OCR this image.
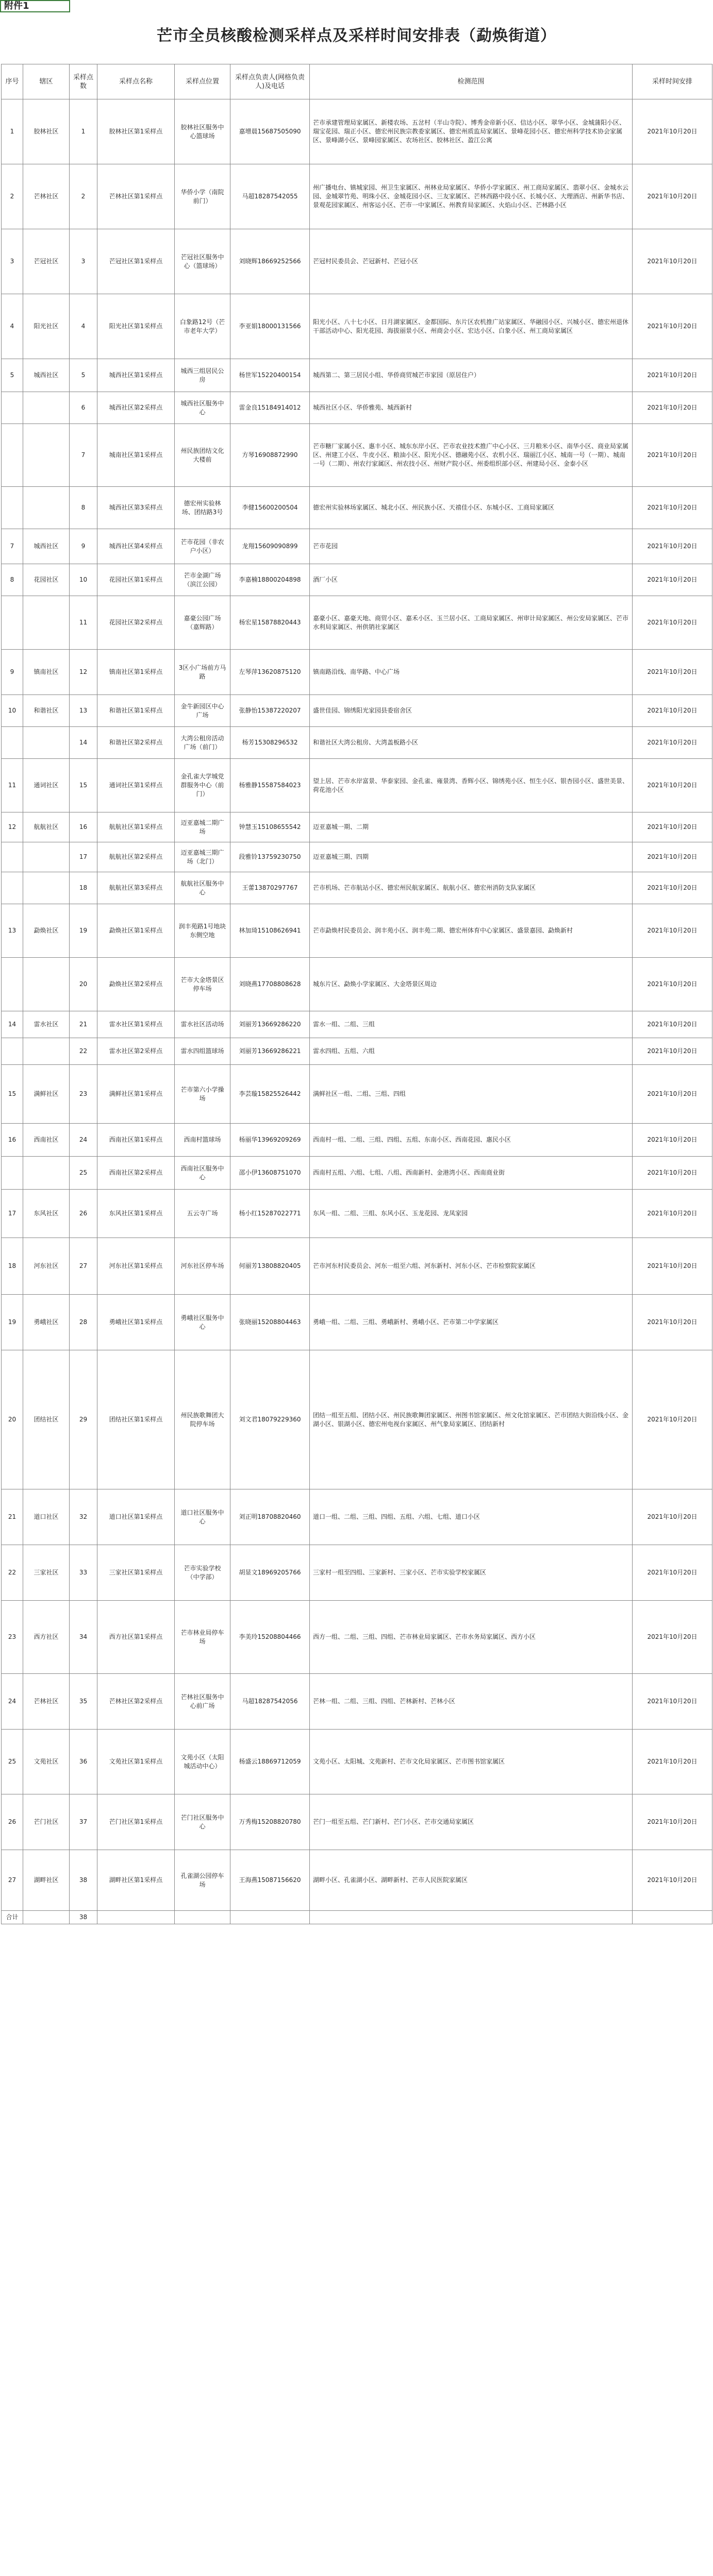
附件1
芒市全员核酸检测采样点及采样时间安排表（勐焕街道）
序号	辖区	采样点数	采样点名称	采样点位置	采样点负责人(网格负责人)及电话	检测范围	采样时间安排
1	胶林社区	1	胶林社区第1采样点	胶林社区服务中心篮球场	嘉增晨15687505090	芒市承建管理局家属区、新楼农场、五岔村（半山寺院）、博秀金帝新小区、信达小区、翠华小区、金城蒲阳小区、瑞宝花园、瑞正小区、德宏州民族宗教委家属区、德宏州质监局家属区、景峰花园小区、德宏州科学技术协会家属区、景峰湖小区、景峰园家属区、农场社区、胶林社区、盈江公寓	2021年10月20日
2	芒林社区	2	芒林社区第1采样点	华侨小学（南院前门）	马超18287542055	州广播电台、镇城家园、州卫生家属区、州林业局家属区、华侨小学家属区、州工商局家属区、翡翠小区、金城水云园、金城翠竹苑、明珠小区、金城花园小区、三友家属区、芒林西路中段小区、长城小区、大理酒店、州新华书店、景观花园家属区、州客运小区、芒市一中家属区、州教育局家属区、火焰山小区、芒林路小区	2021年10月20日
3	芒冠社区	3	芒冠社区第1采样点	芒冠社区服务中心（篮球场）	刘晓辉18669252566	芒冠村民委员会、芒冠新村、芒冠小区	2021年10月20日
4	阳光社区	4	阳光社区第1采样点	白象路12号（芒市老年大学）	李亚娟18000131566	阳光小区、八十七小区、日月湖家属区、金都国际、东片区农机推广站家属区、华融园小区、兴城小区、德宏州退休干部活动中心、阳光花园、海拔丽景小区、州商会小区、宏达小区、白象小区、州工商局家属区	2021年10月20日
5	城西社区	5	城西社区第1采样点	城西三组居民公房	杨世军15220400154	城西第二、第三居民小组、华侨商贸城芒市家园（原居住户）	2021年10月20日
		6	城西社区第2采样点	城西社区服务中心	雷金良15184914012	城西社区小区、华侨雅苑、城西新村	2021年10月20日
		7	城南社区第1采样点	州民族团结文化大楼前	方琴16908872990	芒市糖厂家属小区、惠丰小区、城东东岸小区、芒市农业技术推广中心小区、三月粮米小区、南华小区、商业局家属区、州建工小区、牛皮小区、粮油小区、阳光小区、德融苑小区、农机小区、瑞丽江小区、城南一号（一期）、城南一号（二期）、州农行家属区、州农技小区、州财产院小区、州委组织部小区、州建局小区、金泰小区	2021年10月20日
		8	城西社区第3采样点	德宏州实验林场、团结路3号	李健15600200504	德宏州实验林场家属区、城北小区、州民族小区、天禧佳小区、东城小区、工商局家属区	2021年10月20日
7	城西社区	9	城西社区第4采样点	芒市花园（非农户小区）	龙翔15609090899	芒市花园	2021年10月20日
8	花园社区	10	花园社区第1采样点	芒市金湖广场（滨江公园）	李嘉楠18800204898	酒厂小区	2021年10月20日
		11	花园社区第2采样点	嘉豪公园广场（嘉辉路）	杨宏星15878820443	嘉豪小区、嘉豪天地、商贸小区、嘉禾小区、玉兰居小区、工商局家属区、州审计局家属区、州公安局家属区、芒市水利局家属区、州供销社家属区	2021年10月20日
9	镇南社区	12	镇南社区第1采样点	3区小广场前方马路	左琴萍13620875120	镇南路沿线、南华路、中心广场	2021年10月20日
10	和谐社区	13	和谐社区第1采样点	金牛新园区中心广场	张静怡15387220207	盛世佳园、锦绣阳光家园县委宿舍区	2021年10月20日
		14	和谐社区第2采样点	大湾公租房活动广场（前门）	杨芳15308296532	和谐社区大湾公租房、大湾盖板路小区	2021年10月20日
11	通词社区	15	通词社区第1采样点	金孔雀大学城党群服务中心（前门）	杨雅静15587584023	望上居、芒市水岸富景、华泰家园、金孔雀、雍景湾、香辉小区、锦绣苑小区、恒生小区、银杏园小区、盛世美景、荷花池小区	2021年10月20日
12	航航社区	16	航航社区第1采样点	迈亚嘉城二期广场	钟慧玉15108655542	迈亚嘉城一期、二期	2021年10月20日
		17	航航社区第2采样点	迈亚嘉城三期广场（北门）	段雅铃13759230750	迈亚嘉城三期、四期	2021年10月20日
		18	航航社区第3采样点	航航社区服务中心	王蕾13870297767	芒市机场、芒市航站小区、德宏州民航家属区、航航小区、德宏州消防支队家属区	2021年10月20日
13	勐焕社区	19	勐焕社区第1采样点	润丰苑路1号地块东侧空地	林加琦15108626941	芒市勐焕村民委员会、润丰苑小区、润丰苑二期、德宏州体育中心家属区、盛景嘉园、勐焕新村	2021年10月20日
		20	勐焕社区第2采样点	芒市大金塔景区停车场	刘晓燕17708808628	城东片区、勐焕小学家属区、大金塔景区周边	2021年10月20日
14	雷水社区	21	雷水社区第1采样点	雷水社区活动场	刘丽芳13669286220	雷水一组、二组、三组	2021年10月20日
		22	雷水社区第2采样点	雷水四组篮球场	刘丽芳13669286221	雷水四组、五组、六组	2021年10月20日
15	满鲜社区	23	满鲜社区第1采样点	芒市第六小学操场	李芸璇15825526442	满鲜社区一组、二组、三组、四组	2021年10月20日
16	西南社区	24	西南社区第1采样点	西南村篮球场	杨丽华13969209269	西南村一组、二组、三组、四组、五组、东南小区、西南花园、惠民小区	2021年10月20日
		25	西南社区第2采样点	西南社区服务中心	邵小伊13608751070	西南村五组、六组、七组、八组、西南新村、金港湾小区、西南商业街	2021年10月20日
17	东风社区	26	东风社区第1采样点	五云寺广场	杨小红15287022771	东风一组、二组、三组、东风小区、玉龙花园、龙凤家园	2021年10月20日
18	河东社区	27	河东社区第1采样点	河东社区停车场	何丽芳13808820405	芒市河东村民委员会、河东一组至六组、河东新村、河东小区、芒市检察院家属区	2021年10月20日
19	勇峨社区	28	勇峨社区第1采样点	勇峨社区服务中心	张晓丽15208804463	勇峨一组、二组、三组、勇峨新村、勇峨小区、芒市第二中学家属区	2021年10月20日
20	团结社区	29	团结社区第1采样点	州民族歌舞团大院停车场	刘文君18079229360	团结一组至五组、团结小区、州民族歌舞团家属区、州图书馆家属区、州文化馆家属区、芒市团结大街沿线小区、金湖小区、银湖小区、德宏州电视台家属区、州气象局家属区、团结新村	2021年10月20日
21	道口社区	32	道口社区第1采样点	道口社区服务中心	刘正明18708820460	道口一组、二组、三组、四组、五组、六组、七组、道口小区	2021年10月20日
22	三家社区	33	三家社区第1采样点	芒市实验学校（中学部）	胡显文18969205766	三家村一组至四组、三家新村、三家小区、芒市实验学校家属区	2021年10月20日
23	西方社区	34	西方社区第1采样点	芒市林业局停车场	李美玲15208804466	西方一组、二组、三组、四组、芒市林业局家属区、芒市水务局家属区、西方小区	2021年10月20日
24	芒林社区	35	芒林社区第2采样点	芒林社区服务中心前广场	马超18287542056	芒林一组、二组、三组、四组、芒林新村、芒林小区	2021年10月20日
25	文苑社区	36	文苑社区第1采样点	文苑小区（太阳城活动中心）	杨盛云18869712059	文苑小区、太阳城、文苑新村、芒市文化局家属区、芒市图书馆家属区	2021年10月20日
26	芒门社区	37	芒门社区第1采样点	芒门社区服务中心	万秀梅15208820780	芒门一组至五组、芒门新村、芒门小区、芒市交通局家属区	2021年10月20日
27	湖畔社区	38	湖畔社区第1采样点	孔雀湖公园停车场	王海燕15087156620	湖畔小区、孔雀湖小区、湖畔新村、芒市人民医院家属区	2021年10月20日
合计		38					
